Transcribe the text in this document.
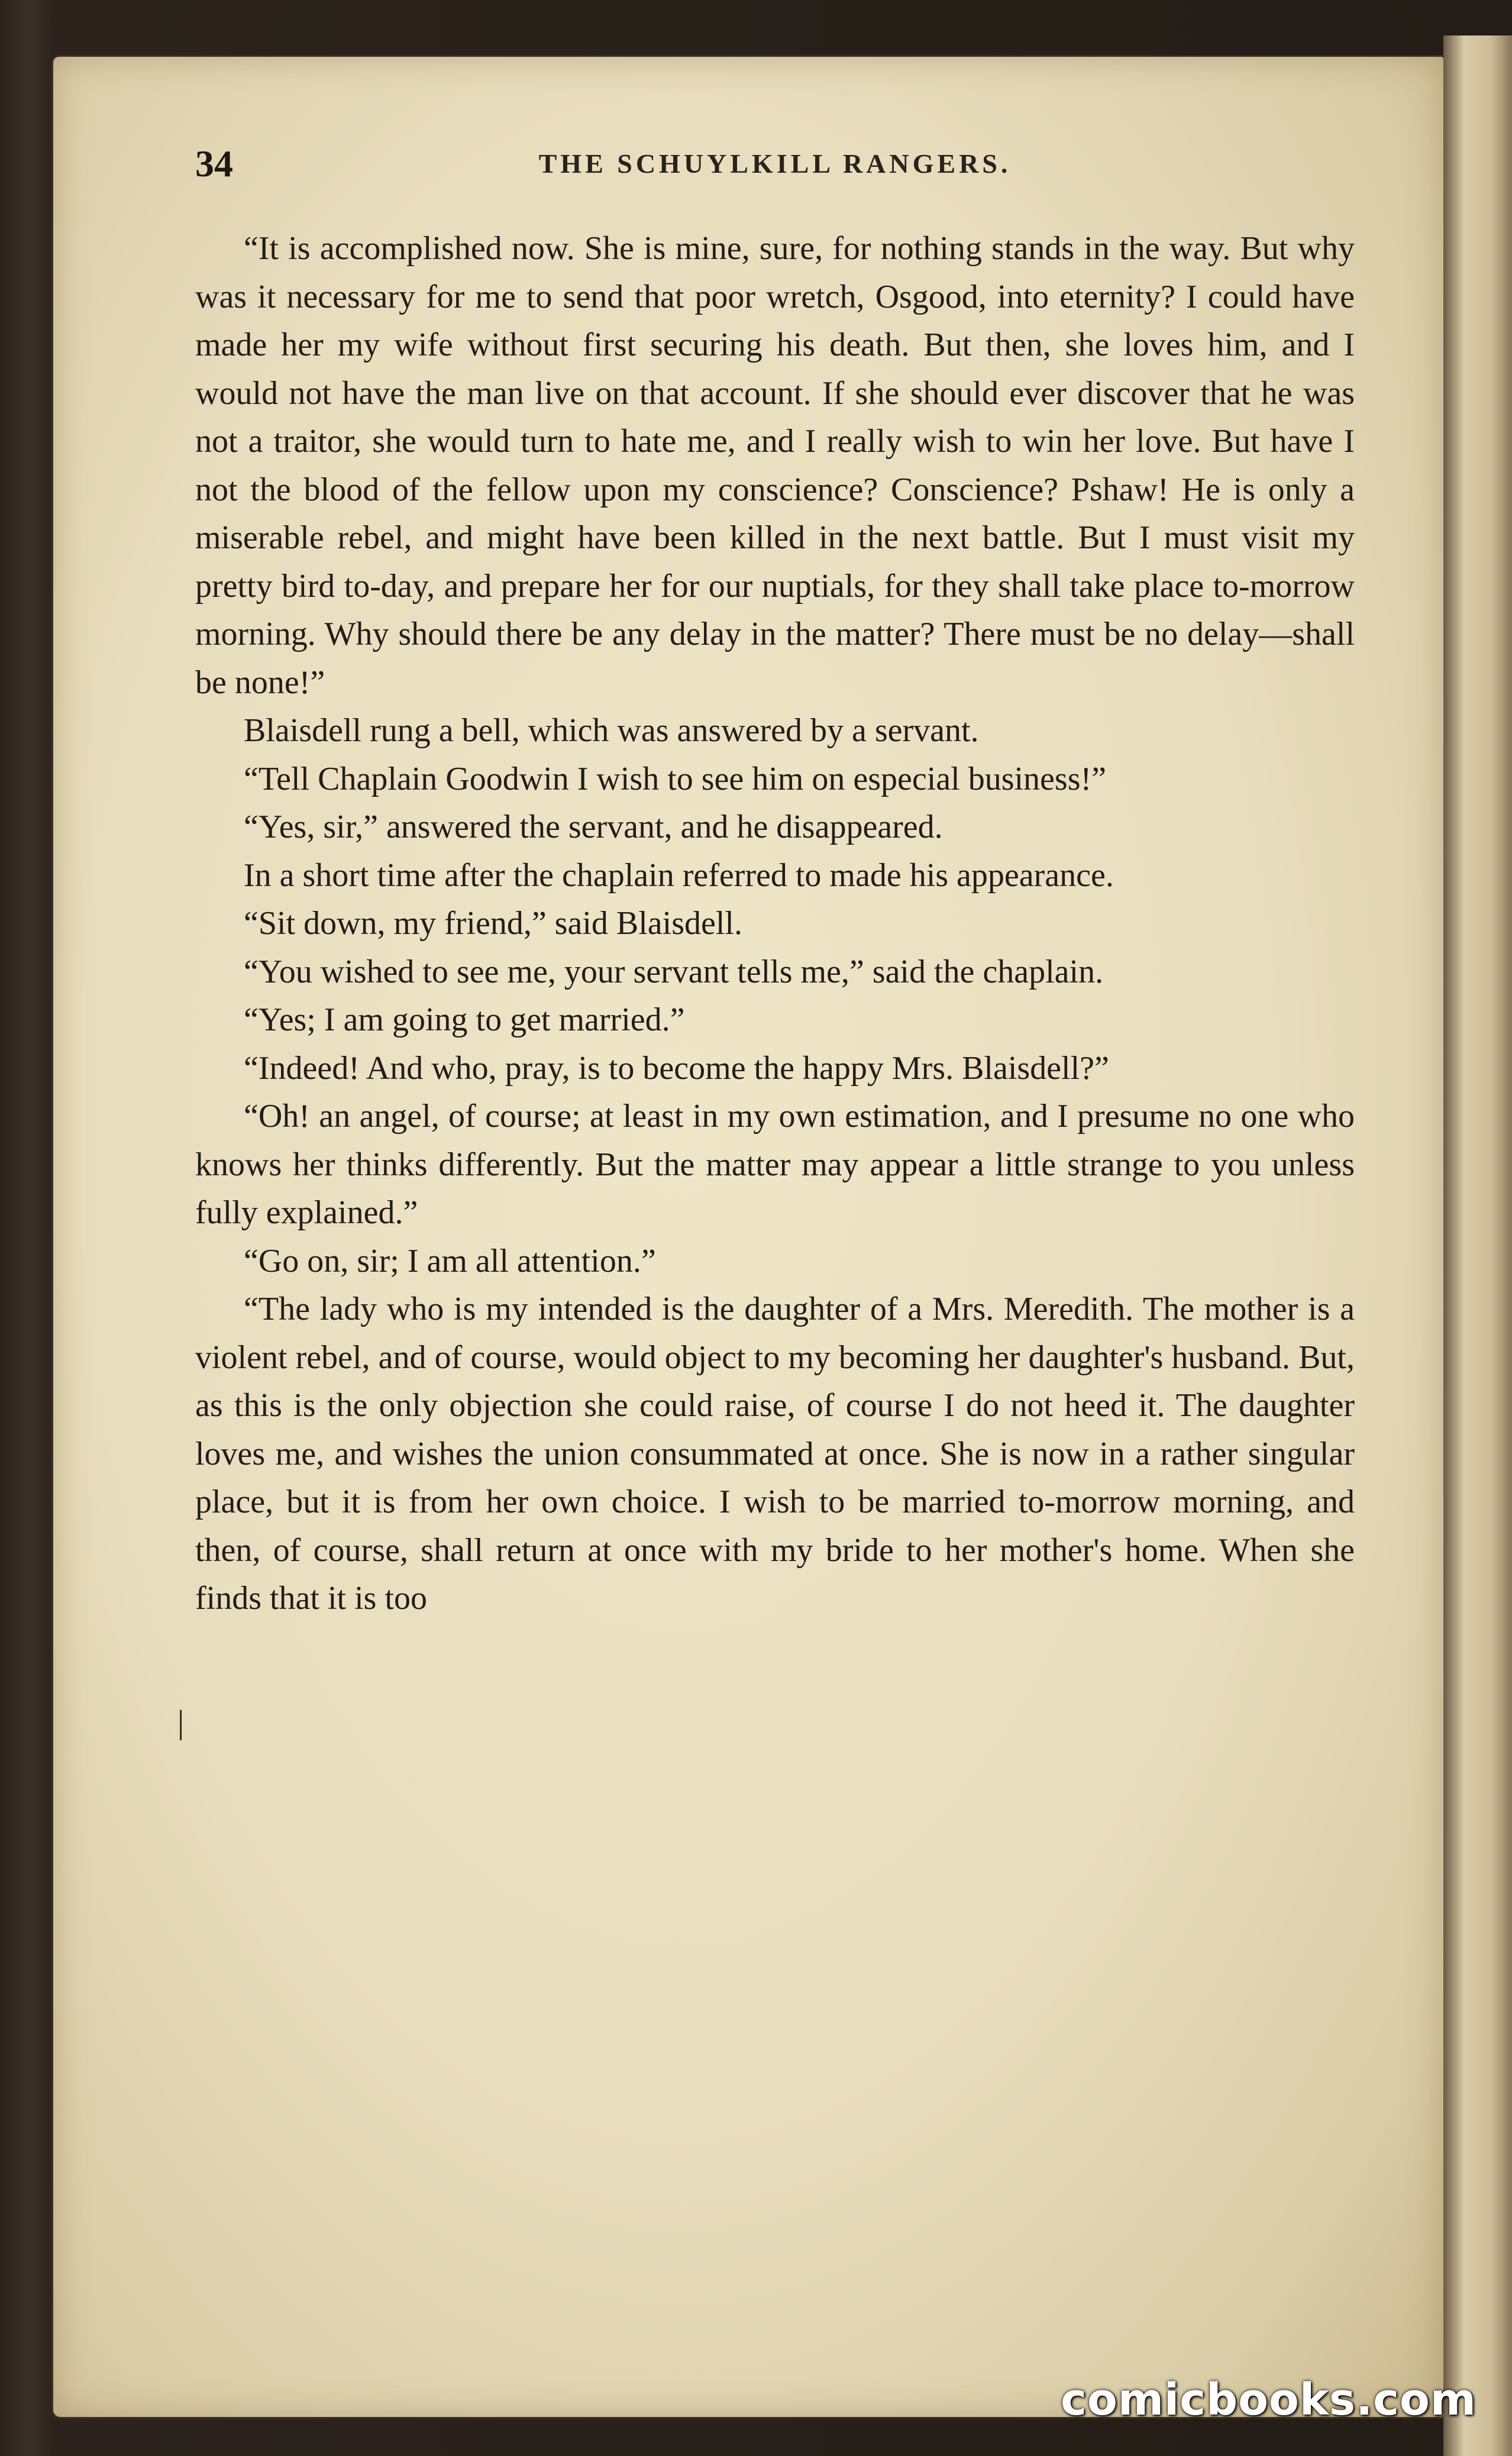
34	THE SCHUYLKILL RANGERS.

“It is accomplished now. She is mine, sure, for nothing stands in the way. But why was it necessary for me to send that poor wretch, Osgood, into eternity? I could have made her my wife without first securing his death. But then, she loves him, and I would not have the man live on that account. If she should ever discover that he was not a traitor, she would turn to hate me, and I really wish to win her love. But have I not the blood of the fellow upon my conscience? Conscience? Pshaw! He is only a miserable rebel, and might have been killed in the next battle. But I must visit my pretty bird to-day, and prepare her for our nuptials, for they shall take place to-morrow morning. Why should there be any delay in the matter? There must be no delay—shall be none!”

Blaisdell rung a bell, which was answered by a servant.

“Tell Chaplain Goodwin I wish to see him on especial business!”

“Yes, sir,” answered the servant, and he disappeared.

In a short time after the chaplain referred to made his appearance.

“Sit down, my friend,” said Blaisdell.

“You wished to see me, your servant tells me,” said the chaplain.

“Yes; I am going to get married.”

“Indeed! And who, pray, is to become the happy Mrs. Blaisdell?”

“Oh! an angel, of course; at least in my own estimation, and I presume no one who knows her thinks differently. But the matter may appear a little strange to you unless fully explained.”

“Go on, sir; I am all attention.”

“The lady who is my intended is the daughter of a Mrs. Meredith. The mother is a violent rebel, and of course, would object to my becoming her daughter's husband. But, as this is the only objection she could raise, of course I do not heed it. The daughter loves me, and wishes the union consummated at once. She is now in a rather singular place, but it is from her own choice. I wish to be married to-morrow morning, and then, of course, shall return at once with my bride to her mother's home. When she finds that it is too

|
comicbooks.com
